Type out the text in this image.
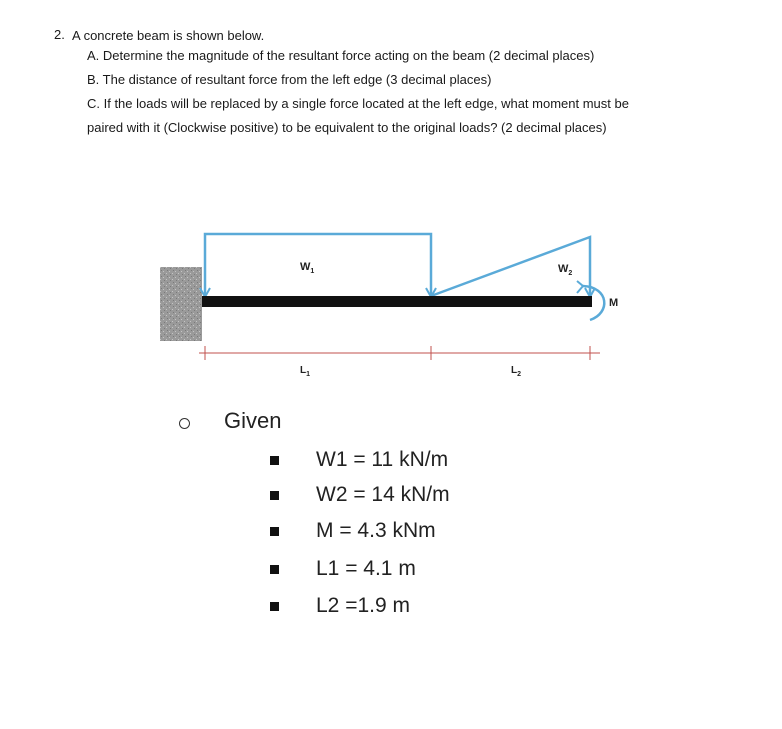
2. A concrete beam is shown below.
A. Determine the magnitude of the resultant force acting on the beam (2 decimal places)
B. The distance of resultant force from the left edge (3 decimal places)
C. If the loads will be replaced by a single force located at the left edge, what moment must be
paired with it (Clockwise positive) to be equivalent to the original loads? (2 decimal places)
$W_1$	$W_2$
M
$L_1$	$L_2$
Given
W1 = 11 kN/m
W2 = 14 kN/m
M = 4.3 kNm
L1 = 4.1 m
L2 =1.9 m
